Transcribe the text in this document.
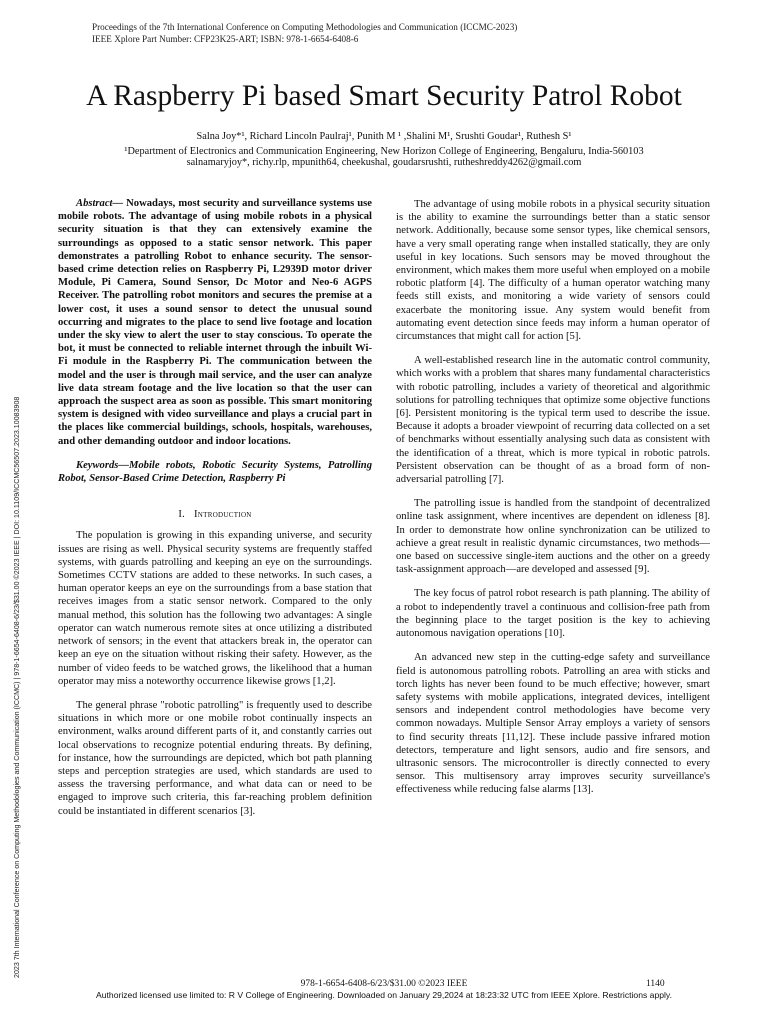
Proceedings of the 7th International Conference on Computing Methodologies and Communication (ICCMC-2023)
IEEE Xplore Part Number: CFP23K25-ART; ISBN: 978-1-6654-6408-6
A Raspberry Pi based Smart Security Patrol Robot
Salna Joy*¹, Richard Lincoln Paulraj¹, Punith M ¹ ,Shalini M¹, Srushti Goudar¹, Ruthesh S¹
¹Department of Electronics and Communication Engineering, New Horizon College of Engineering, Bengaluru, India-560103
salnamaryjoy*, richy.rlp, mpunith64, cheekushal, goudarsrushti, rutheshreddy4262@gmail.com
2023 7th International Conference on Computing Methodologies and Communication (ICCMC) | 978-1-6654-6408-6/23/$31.00 ©2023 IEEE | DOI: 10.1109/ICCMC56507.2023.10083908

Abstract— Nowadays, most security and surveillance systems use mobile robots. The advantage of using mobile robots in a physical security situation is that they can extensively examine the surroundings as opposed to a static sensor network. This paper demonstrates a patrolling Robot to enhance security. The sensor-based crime detection relies on Raspberry Pi, L2939D motor driver Module, Pi Camera, Sound Sensor, Dc Motor and Neo-6 AGPS Receiver. The patrolling robot monitors and secures the premise at a lower cost, it uses a sound sensor to detect the unusual sound occurring and migrates to the place to send live footage and location under the sky view to alert the user to stay conscious. To operate the bot, it must be connected to reliable internet through the inbuilt Wi-Fi module in the Raspberry Pi. The communication between the model and the user is through mail service, and the user can analyze live data stream footage and the live location so that the user can approach the suspect area as soon as possible. This smart monitoring system is designed with video surveillance and plays a crucial part in the places like commercial buildings, schools, hospitals, warehouses, and other demanding outdoor and indoor locations.

Keywords—Mobile robots, Robotic Security Systems, Patrolling Robot, Sensor-Based Crime Detection, Raspberry Pi

I. Introduction

The population is growing in this expanding universe, and security issues are rising as well. Physical security systems are frequently staffed systems, with guards patrolling and keeping an eye on the surroundings. Sometimes CCTV stations are added to these networks. In such cases, a human operator keeps an eye on the surroundings from a base station that receives images from a static sensor network. Compared to the only manual method, this solution has the following two advantages: A single operator can watch numerous remote sites at once utilizing a distributed network of sensors; in the event that attackers break in, the operator can keep an eye on the situation without risking their safety. However, as the number of video feeds to be watched grows, the likelihood that a human operator may miss a noteworthy occurrence likewise grows [1,2].

The general phrase "robotic patrolling" is frequently used to describe situations in which more or one mobile robot continually inspects an environment, walks around different parts of it, and constantly carries out local observations to recognize potential enduring threats. By defining, for instance, how the surroundings are depicted, which bot path planning steps and perception strategies are used, which standards are used to assess the traversing performance, and what data can or need to be engaged to improve such criteria, this far-reaching problem definition could be instantiated in different scenarios [3].

The advantage of using mobile robots in a physical security situation is the ability to examine the surroundings better than a static sensor network. Additionally, because some sensor types, like chemical sensors, have a very small operating range when installed statically, they are only useful in key locations. Such sensors may be moved throughout the environment, which makes them more useful when employed on a mobile robotic platform [4]. The difficulty of a human operator watching many feeds still exists, and monitoring a wide variety of sensors could exacerbate the monitoring issue. Any system would benefit from automating event detection since feeds may inform a human operator of circumstances that might call for action [5].

A well-established research line in the automatic control community, which works with a problem that shares many fundamental characteristics with robotic patrolling, includes a variety of theoretical and algorithmic solutions for patrolling techniques that optimize some objective functions [6]. Persistent monitoring is the typical term used to describe the issue. Because it adopts a broader viewpoint of recurring data collected on a set of benchmarks without essentially analysing such data as consistent with the identification of a threat, which is more typical in robotic patrols. Persistent observation can be thought of as a broad form of non-adversarial patrolling [7].

The patrolling issue is handled from the standpoint of decentralized online task assignment, where incentives are dependent on idleness [8]. In order to demonstrate how online synchronization can be utilized to achieve a great result in realistic dynamic circumstances, two methods—one based on successive single-item auctions and the other on a greedy task-assignment approach—are developed and assessed [9].

The key focus of patrol robot research is path planning. The ability of a robot to independently travel a continuous and collision-free path from the beginning place to the target position is the key to achieving autonomous navigation operations [10].

An advanced new step in the cutting-edge safety and surveillance field is autonomous patrolling robots. Patrolling an area with sticks and torch lights has never been found to be much effective; however, smart safety systems with mobile applications, integrated devices, intelligent sensors and independent control methodologies have become very common nowadays. Multiple Sensor Array employs a variety of sensors to find security threats [11,12]. These include passive infrared motion detectors, temperature and light sensors, audio and fire sensors, and ultrasonic sensors. The microcontroller is directly connected to every sensor. This multisensory array improves security surveillance's effectiveness while reducing false alarms [13].

978-1-6654-6408-6/23/$31.00 ©2023 IEEE	1140
Authorized licensed use limited to: R V College of Engineering. Downloaded on January 29,2024 at 18:23:32 UTC from IEEE Xplore. Restrictions apply.
